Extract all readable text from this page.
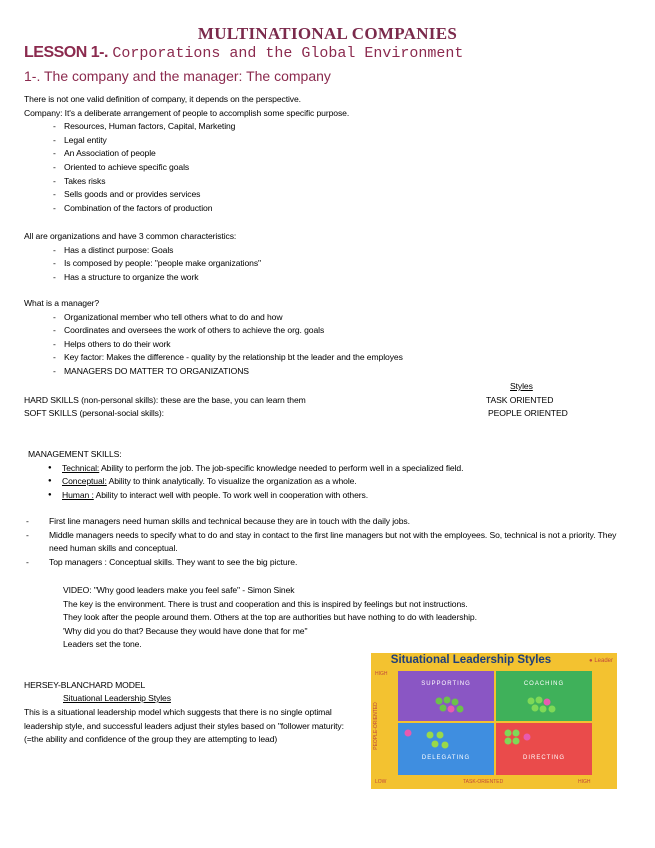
MULTINATIONAL COMPANIES
LESSON 1-. Corporations and the Global Environment
1-. The company and the manager: The company
There is not one valid definition of company, it depends on the perspective.
Company: It's a deliberate arrangement of people to accomplish some specific purpose.
- Resources, Human factors, Capital, Marketing
- Legal entity
- An Association of people
- Oriented to achieve specific goals
- Takes risks
- Sells goods and or provides services
- Combination of the factors of production
All are organizations and have 3 common characteristics:
- Has a distinct purpose: Goals
- Is composed by people: "people make organizations"
- Has a structure to organize the work
What is a manager?
- Organizational member who tell others what to do and how
- Coordinates and oversees the work of others to achieve the org. goals
- Helps others to do their work
- Key factor: Makes the difference - quality by the relationship bt the leader and the employes
- MANAGERS DO MATTER TO ORGANIZATIONS
Styles
HARD SKILLS (non-personal skills): these are the base, you can learn them	TASK ORIENTED
SOFT SKILLS (personal-social skills):	PEOPLE ORIENTED
MANAGEMENT SKILLS:
● Technical: Ability to perform the job. The job-specific knowledge needed to perform well in a specialized field.
● Conceptual: Ability to think analytically. To visualize the organization as a whole.
● Human : Ability to interact well with people. To work well in cooperation with others.
- First line managers need human skills and technical because they are in touch with the daily jobs.
- Middle managers needs to specify what to do and stay in contact to the first line managers but not with the employees. So, technical is not a priority. They need human skills and conceptual.
- Top managers : Conceptual skills. They want to see the big picture.
VIDEO: "Why good leaders make you feel safe" - Simon Sinek
The key is the environment. There is trust and cooperation and this is inspired by feelings but not instructions.
They look after the people around them. Others at the top are authorities but have nothing to do with leadership.
'Why did you do that? Because they would have done that for me"
Leaders set the tone.
HERSEY-BLANCHARD MODEL
Situational Leadership Styles
This is a situational leadership model which suggests that there is no single optimal leadership style, and successful leaders adjust their styles based on "follower maturity: (=the ability and confidence of the group they are attempting to lead)
Situational Leadership Styles	● Leader
HIGH
LOW	HIGH
TASK-ORIENTED
PEOPLE-ORIENTED
SUPPORTING	COACHING
DELEGATING	DIRECTING
